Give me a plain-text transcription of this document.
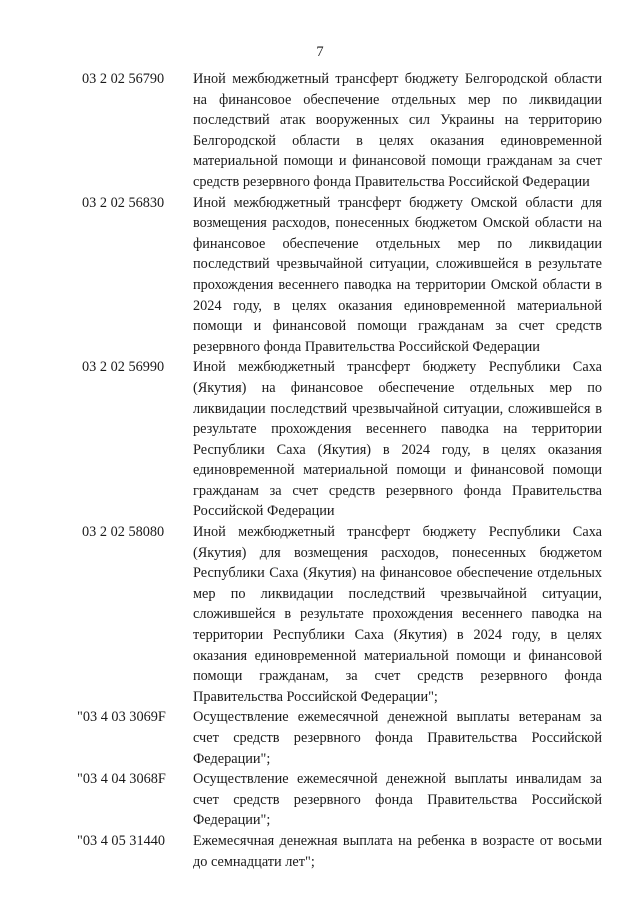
7
03 2 02 56790 Иной межбюджетный трансферт бюджету Белгородской области на финансовое обеспечение отдельных мер по ликвидации последствий атак вооруженных сил Украины на территорию Белгородской области в целях оказания единовременной материальной помощи и финансовой помощи гражданам за счет средств резервного фонда Правительства Российской Федерации
03 2 02 56830 Иной межбюджетный трансферт бюджету Омской области для возмещения расходов, понесенных бюджетом Омской области на финансовое обеспечение отдельных мер по ликвидации последствий чрезвычайной ситуации, сложившейся в результате прохождения весеннего паводка на территории Омской области в 2024 году, в целях оказания единовременной материальной помощи и финансовой помощи гражданам за счет средств резервного фонда Правительства Российской Федерации
03 2 02 56990 Иной межбюджетный трансферт бюджету Республики Саха (Якутия) на финансовое обеспечение отдельных мер по ликвидации последствий чрезвычайной ситуации, сложившейся в результате прохождения весеннего паводка на территории Республики Саха (Якутия) в 2024 году, в целях оказания единовременной материальной помощи и финансовой помощи гражданам за счет средств резервного фонда Правительства Российской Федерации
03 2 02 58080 Иной межбюджетный трансферт бюджету Республики Саха (Якутия) для возмещения расходов, понесенных бюджетом Республики Саха (Якутия) на финансовое обеспечение отдельных мер по ликвидации последствий чрезвычайной ситуации, сложившейся в результате прохождения весеннего паводка на территории Республики Саха (Якутия) в 2024 году, в целях оказания единовременной материальной помощи и финансовой помощи гражданам, за счет средств резервного фонда Правительства Российской Федерации";
"03 4 03 3069F Осуществление ежемесячной денежной выплаты ветеранам за счет средств резервного фонда Правительства Российской Федерации";
"03 4 04 3068F Осуществление ежемесячной денежной выплаты инвалидам за счет средств резервного фонда Правительства Российской Федерации";
"03 4 05 31440 Ежемесячная денежная выплата на ребенка в возрасте от восьми до семнадцати лет";
